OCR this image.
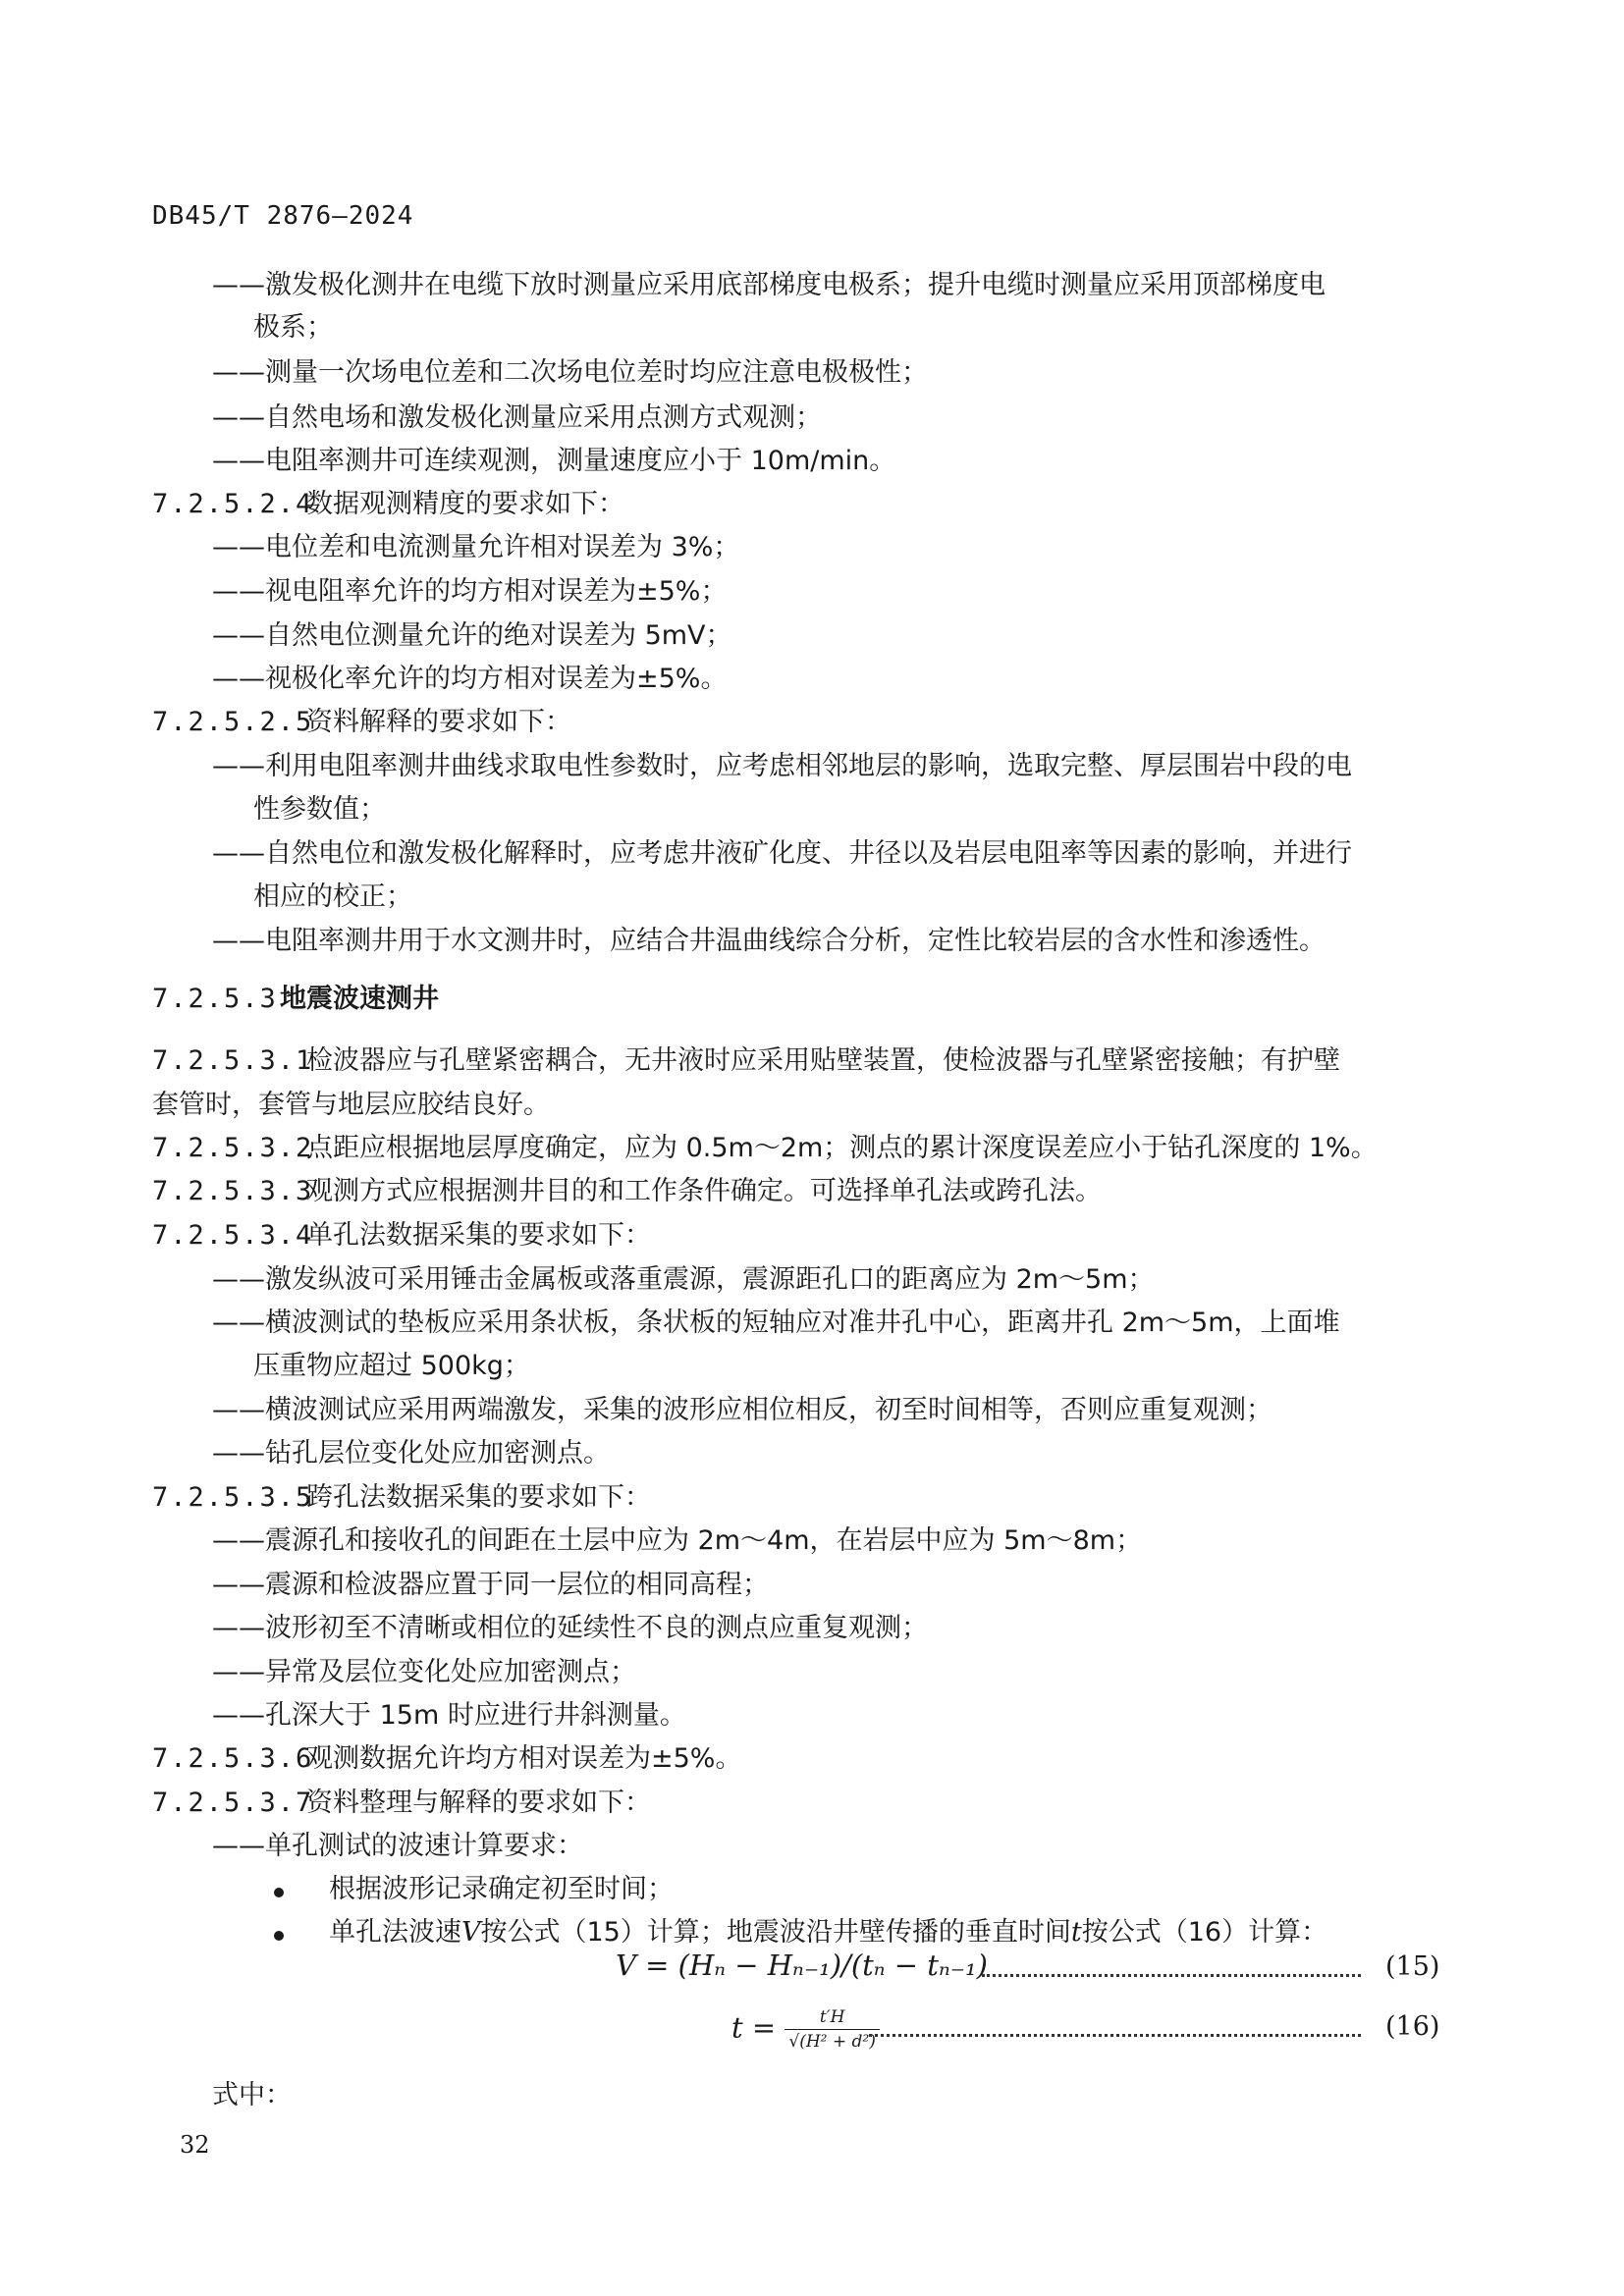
DB45/T 2876—2024
——激发极化测井在电缆下放时测量应采用底部梯度电极系；提升电缆时测量应采用顶部梯度电
极系；
——测量一次场电位差和二次场电位差时均应注意电极极性；
——自然电场和激发极化测量应采用点测方式观测；
——电阻率测井可连续观测，测量速度应小于 10m/min。
7.2.5.2.4数据观测精度的要求如下：
——电位差和电流测量允许相对误差为 3%；
——视电阻率允许的均方相对误差为±5%；
——自然电位测量允许的绝对误差为 5mV；
——视极化率允许的均方相对误差为±5%。
7.2.5.2.5资料解释的要求如下：
——利用电阻率测井曲线求取电性参数时，应考虑相邻地层的影响，选取完整、厚层围岩中段的电
性参数值；
——自然电位和激发极化解释时，应考虑井液矿化度、井径以及岩层电阻率等因素的影响，并进行
相应的校正；
——电阻率测井用于水文测井时，应结合井温曲线综合分析，定性比较岩层的含水性和渗透性。
7.2.5.3地震波速测井
7.2.5.3.1检波器应与孔壁紧密耦合，无井液时应采用贴壁装置，使检波器与孔壁紧密接触；有护壁
套管时，套管与地层应胶结良好。
7.2.5.3.2点距应根据地层厚度确定，应为 0.5m～2m；测点的累计深度误差应小于钻孔深度的 1%。
7.2.5.3.3观测方式应根据测井目的和工作条件确定。可选择单孔法或跨孔法。
7.2.5.3.4单孔法数据采集的要求如下：
——激发纵波可采用锤击金属板或落重震源，震源距孔口的距离应为 2m～5m；
——横波测试的垫板应采用条状板，条状板的短轴应对准井孔中心，距离井孔 2m～5m，上面堆
压重物应超过 500kg；
——横波测试应采用两端激发，采集的波形应相位相反，初至时间相等，否则应重复观测；
——钻孔层位变化处应加密测点。
7.2.5.3.5跨孔法数据采集的要求如下：
——震源孔和接收孔的间距在土层中应为 2m～4m，在岩层中应为 5m～8m；
——震源和检波器应置于同一层位的相同高程；
——波形初至不清晰或相位的延续性不良的测点应重复观测；
——异常及层位变化处应加密测点；
——孔深大于 15m 时应进行井斜测量。
7.2.5.3.6观测数据允许均方相对误差为±5%。
7.2.5.3.7资料整理与解释的要求如下：
——单孔测试的波速计算要求：
根据波形记录确定初至时间；
单孔法波速V按公式（15）计算；地震波沿井壁传播的垂直时间t按公式（16）计算：
V = (Hₙ − Hₙ₋₁)/(tₙ − tₙ₋₁)	(15)
$t = \frac{t'H}{\text{√(H² + d²)}}$	(16)
式中：
32
